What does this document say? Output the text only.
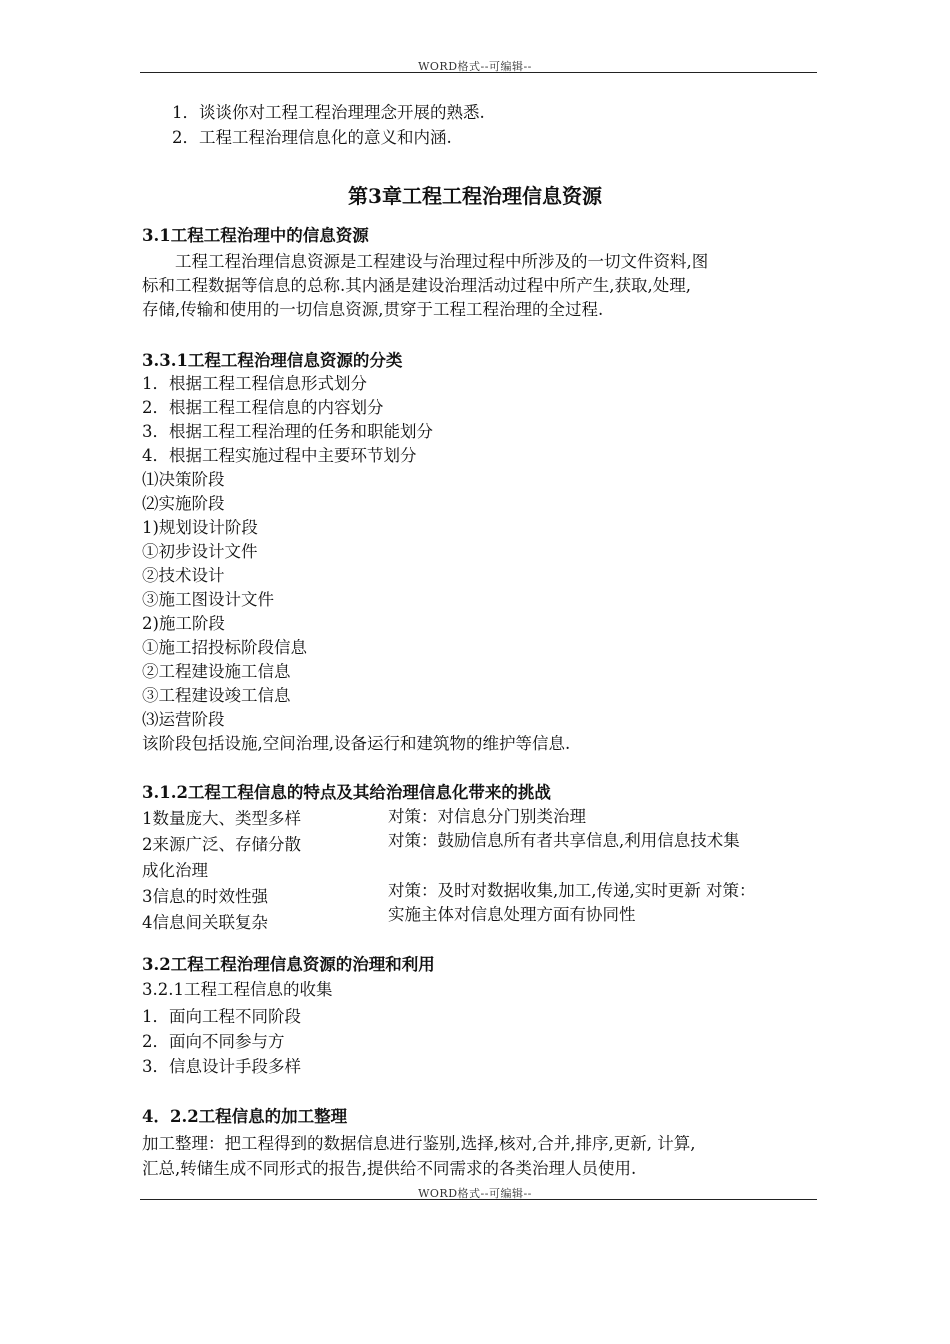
WORD格式--可编辑--
1．谈谈你对工程工程治理理念开展的熟悉.
2．工程工程治理信息化的意义和内涵.
第3章工程工程治理信息资源
3.1工程工程治理中的信息资源
工程工程治理信息资源是工程建设与治理过程中所涉及的一切文件资料,图
标和工程数据等信息的总称.其内涵是建设治理活动过程中所产生,获取,处理,
存储,传输和使用的一切信息资源,贯穿于工程工程治理的全过程.
3.3.1工程工程治理信息资源的分类
1．根据工程工程信息形式划分
2．根据工程工程信息的内容划分
3．根据工程工程治理的任务和职能划分
4．根据工程实施过程中主要环节划分
⑴决策阶段
⑵实施阶段
1)规划设计阶段
①初步设计文件
②技术设计
③施工图设计文件
2)施工阶段
①施工招投标阶段信息
②工程建设施工信息
③工程建设竣工信息
⑶运营阶段
该阶段包括设施,空间治理,设备运行和建筑物的维护等信息.
3.1.2工程工程信息的特点及其给治理信息化带来的挑战
1数量庞大、类型多样	对策：对信息分门别类治理
2来源广泛、存储分散	对策：鼓励信息所有者共享信息,利用信息技术集
成化治理
3信息的时效性强	对策：及时对数据收集,加工,传递,实时更新 对策：
4信息间关联复杂	实施主体对信息处理方面有协同性
3.2工程工程治理信息资源的治理和利用
3.2.1工程工程信息的收集
1．面向工程不同阶段
2．面向不同参与方
3．信息设计手段多样
4．2.2工程信息的加工整理
加工整理：把工程得到的数据信息进行鉴别,选择,核对,合并,排序,更新, 计算,
汇总,转储生成不同形式的报告,提供给不同需求的各类治理人员使用.
WORD格式--可编辑--
